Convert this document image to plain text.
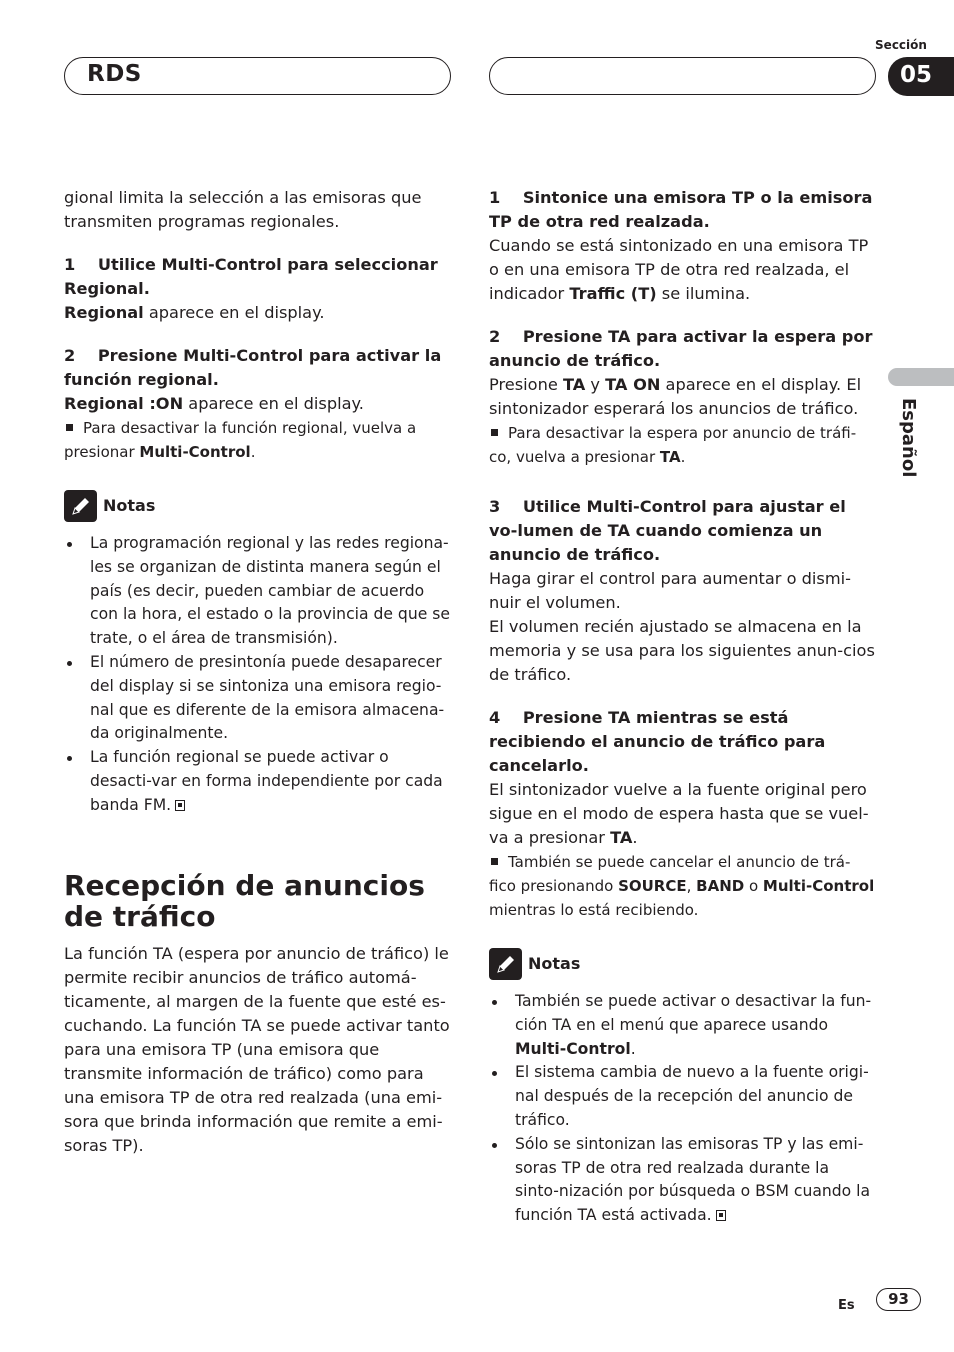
RDS
Sección
05
Español

gional limita la selección a las emisoras que transmiten programas regionales.

1 Utilice Multi-Control para seleccionar Regional.

Regional aparece en el display.

2 Presione Multi-Control para activar la función regional.

Regional :ON aparece en el display.

Para desactivar la función regional, vuelva a presionar Multi-Control.

Notas
La programación regional y las redes regiona-les se organizan de distinta manera según el país (es decir, pueden cambiar de acuerdo con la hora, el estado o la provincia de que se trate, o el área de transmisión).
El número de presintonía puede desaparecer del display si se sintoniza una emisora regio-nal que es diferente de la emisora almacena-da originalmente.
La función regional se puede activar o desacti-var en forma independiente por cada banda FM.
Recepción de anuncios de tráfico

La función TA (espera por anuncio de tráfico) le permite recibir anuncios de tráfico automá-ticamente, al margen de la fuente que esté es-cuchando. La función TA se puede activar tanto para una emisora TP (una emisora que transmite información de tráfico) como para una emisora TP de otra red realzada (una emi-sora que brinda información que remite a emi-soras TP).

1 Sintonice una emisora TP o la emisora TP de otra red realzada.

Cuando se está sintonizado en una emisora TP o en una emisora TP de otra red realzada, el indicador Traffic (T) se ilumina.

2 Presione TA para activar la espera por anuncio de tráfico.

Presione TA y TA ON aparece en el display. El sintonizador esperará los anuncios de tráfico.

Para desactivar la espera por anuncio de tráfi-co, vuelva a presionar TA.

3 Utilice Multi-Control para ajustar el vo-lumen de TA cuando comienza un anuncio de tráfico.

Haga girar el control para aumentar o dismi-nuir el volumen.

El volumen recién ajustado se almacena en la memoria y se usa para los siguientes anun-cios de tráfico.

4 Presione TA mientras se está recibiendo el anuncio de tráfico para cancelarlo.

El sintonizador vuelve a la fuente original pero sigue en el modo de espera hasta que se vuel-va a presionar TA.

También se puede cancelar el anuncio de trá-fico presionando SOURCE, BAND o Multi-Control mientras lo está recibiendo.

Notas
También se puede activar o desactivar la fun-ción TA en el menú que aparece usando Multi-Control.
El sistema cambia de nuevo a la fuente origi-nal después de la recepción del anuncio de tráfico.
Sólo se sintonizan las emisoras TP y las emi-soras TP de otra red realzada durante la sinto-nización por búsqueda o BSM cuando la función TA está activada.
Es	93
